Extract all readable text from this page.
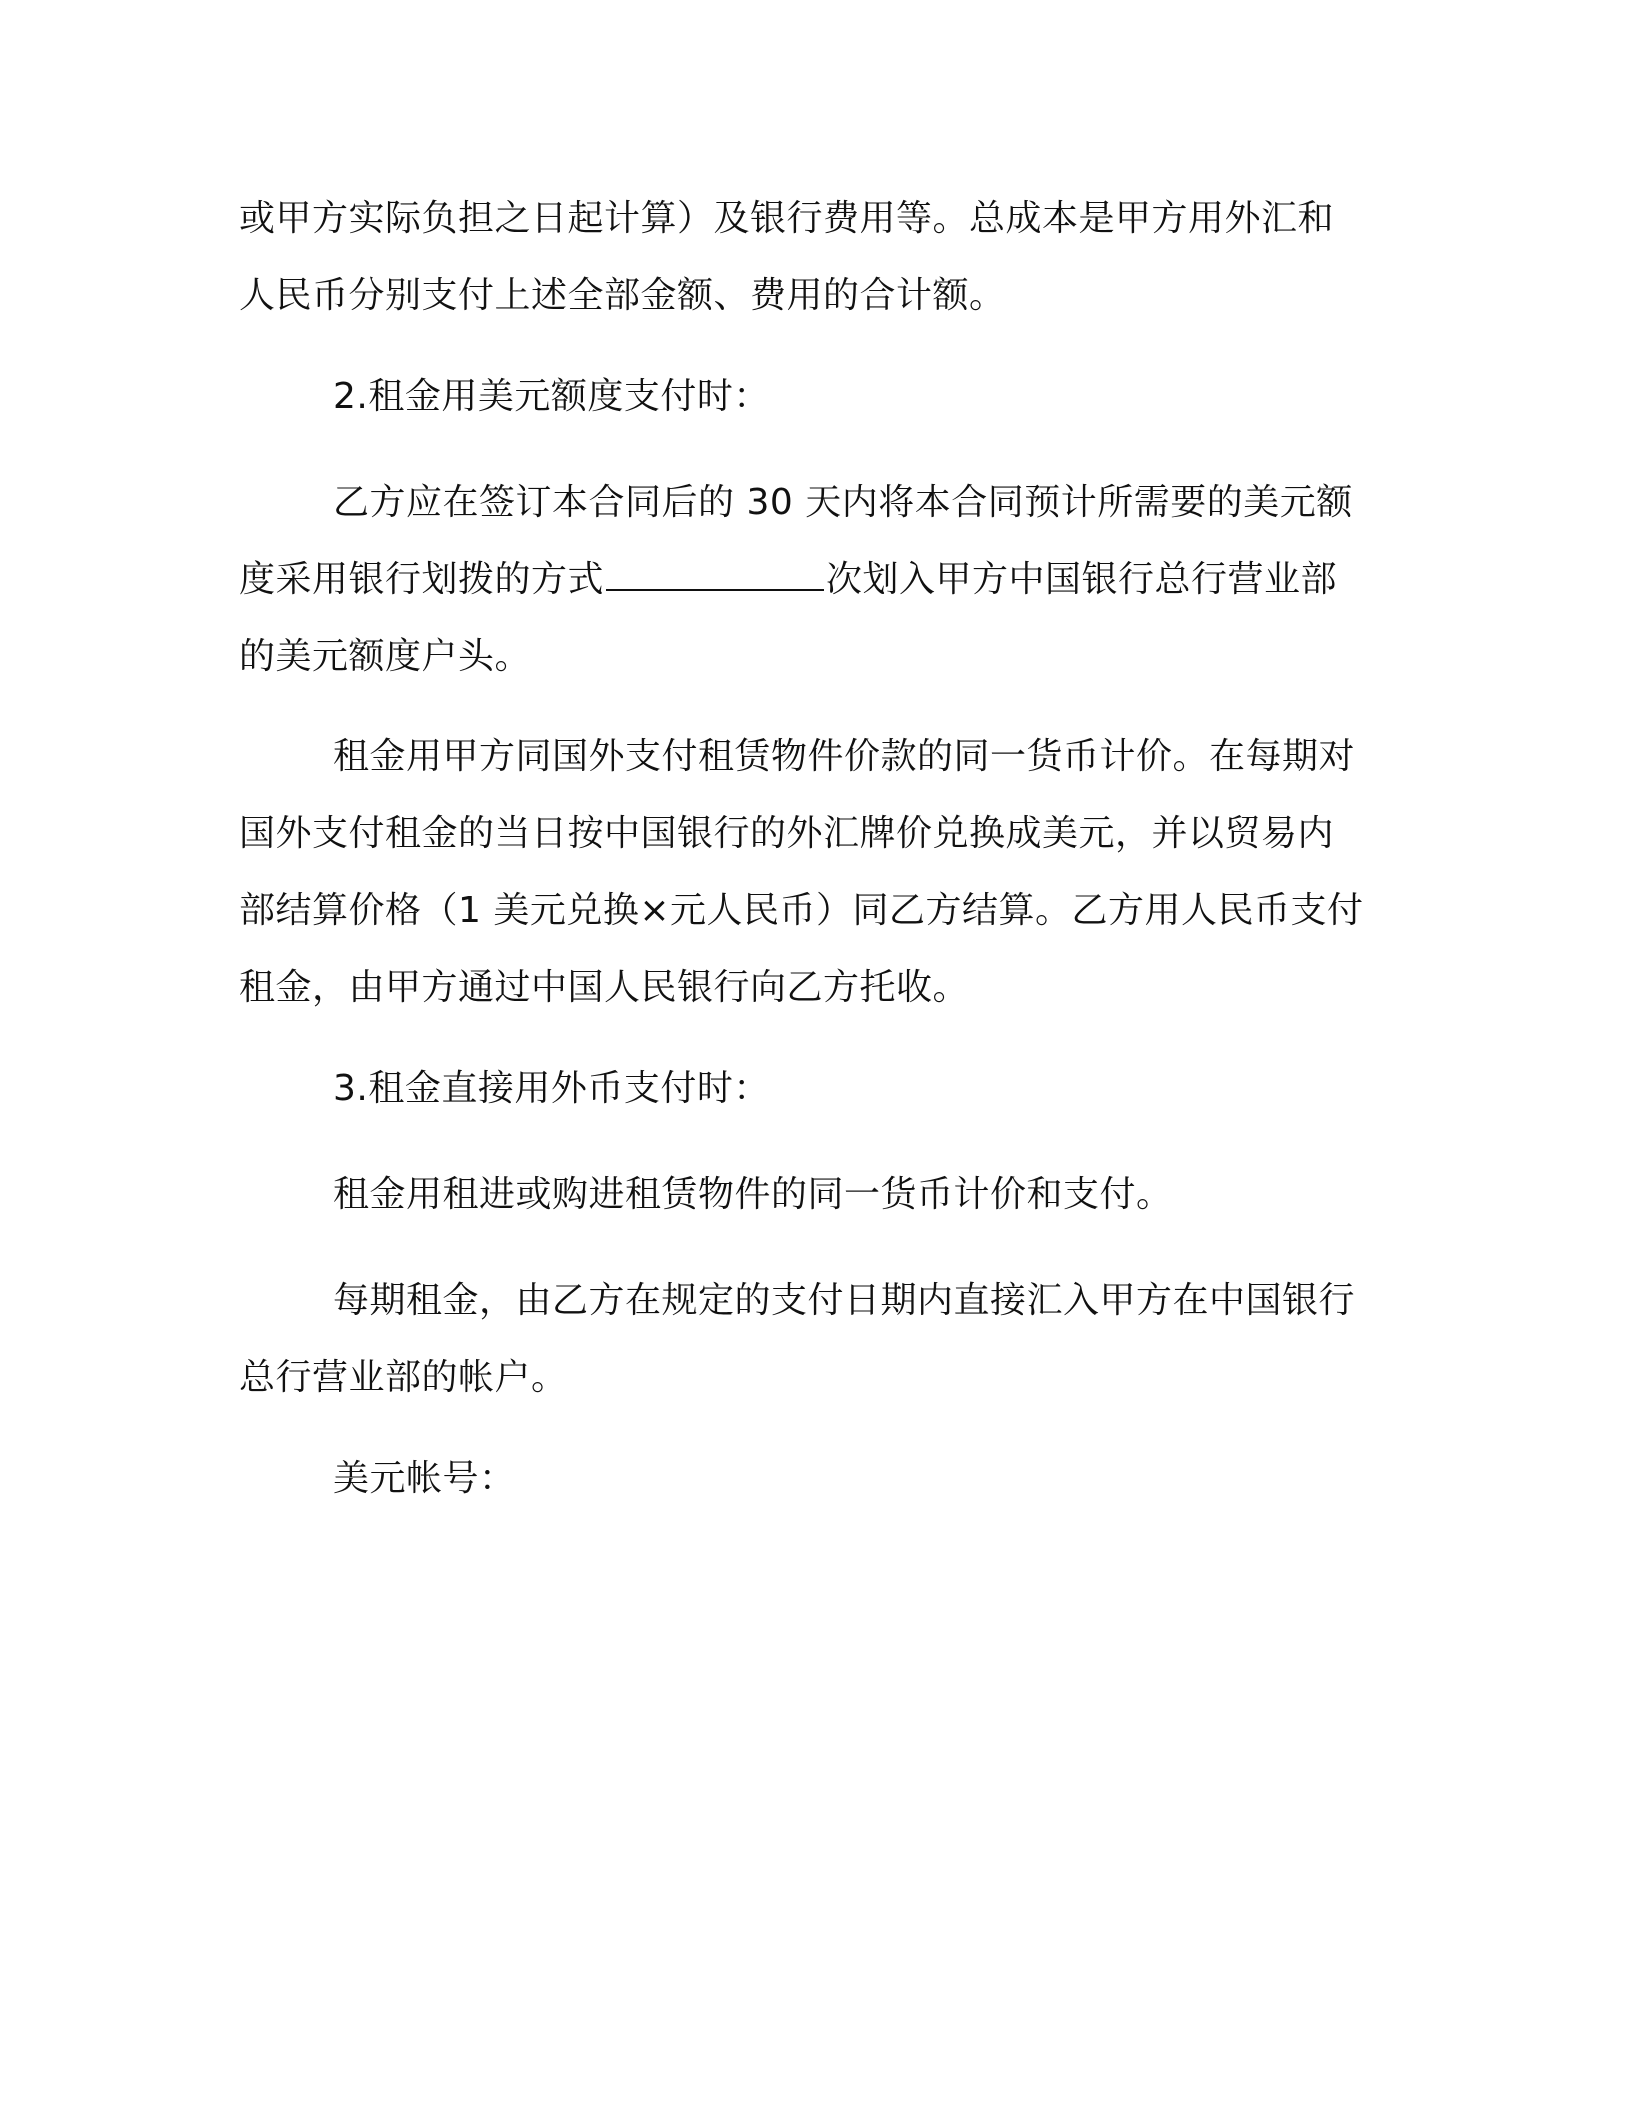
或甲方实际负担之日起计算）及银行费用等。总成本是甲方用外汇和
人民币分别支付上述全部金额、费用的合计额。
2.租金用美元额度支付时：
乙方应在签订本合同后的 30 天内将本合同预计所需要的美元额
度采用银行划拨的方式	次划入甲方中国银行总行营业部
的美元额度户头。
租金用甲方同国外支付租赁物件价款的同一货币计价。在每期对
国外支付租金的当日按中国银行的外汇牌价兑换成美元，并以贸易内
部结算价格（1 美元兑换×元人民币）同乙方结算。乙方用人民币支付
租金，由甲方通过中国人民银行向乙方托收。
3.租金直接用外币支付时：
租金用租进或购进租赁物件的同一货币计价和支付。
每期租金，由乙方在规定的支付日期内直接汇入甲方在中国银行
总行营业部的帐户。
美元帐号：
